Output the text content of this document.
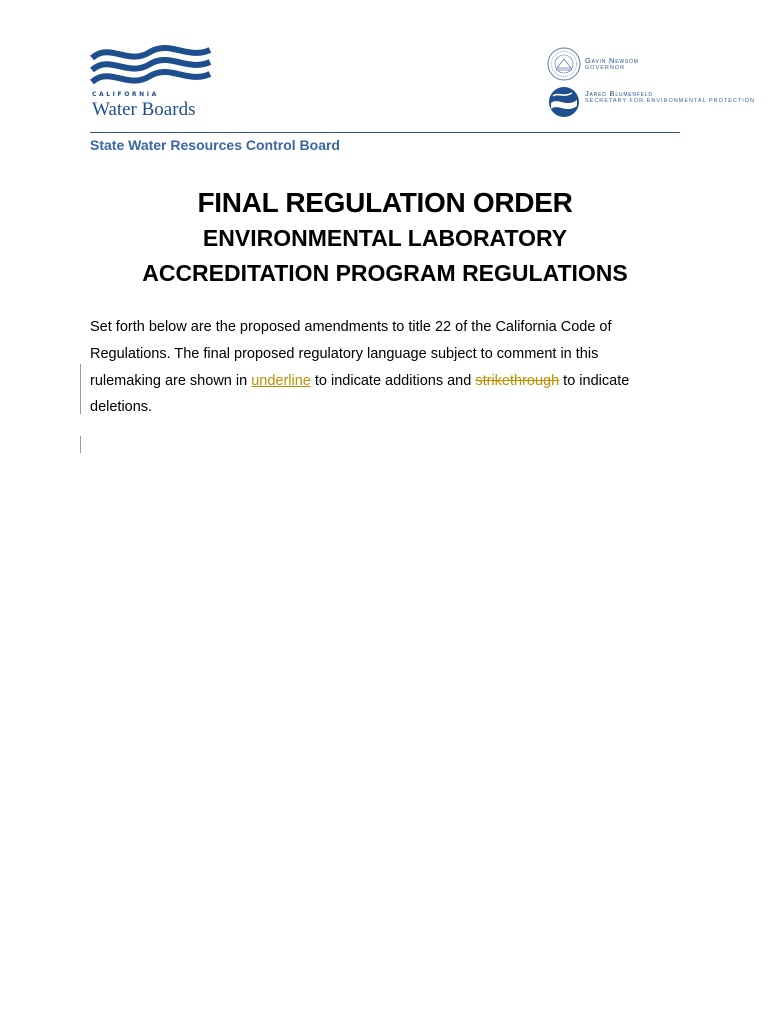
CALIFORNIA
Water Boards
Gavin Newsom
GOVERNOR
Jared Blumenfeld
SECRETARY FOR ENVIRONMENTAL PROTECTION
State Water Resources Control Board
FINAL REGULATION ORDER
ENVIRONMENTAL LABORATORY
ACCREDITATION PROGRAM REGULATIONS
Set forth below are the proposed amendments to title 22 of the California Code of
Regulations. The final proposed regulatory language subject to comment in this
rulemaking are shown in underline to indicate additions and strikethrough to indicate
deletions.
